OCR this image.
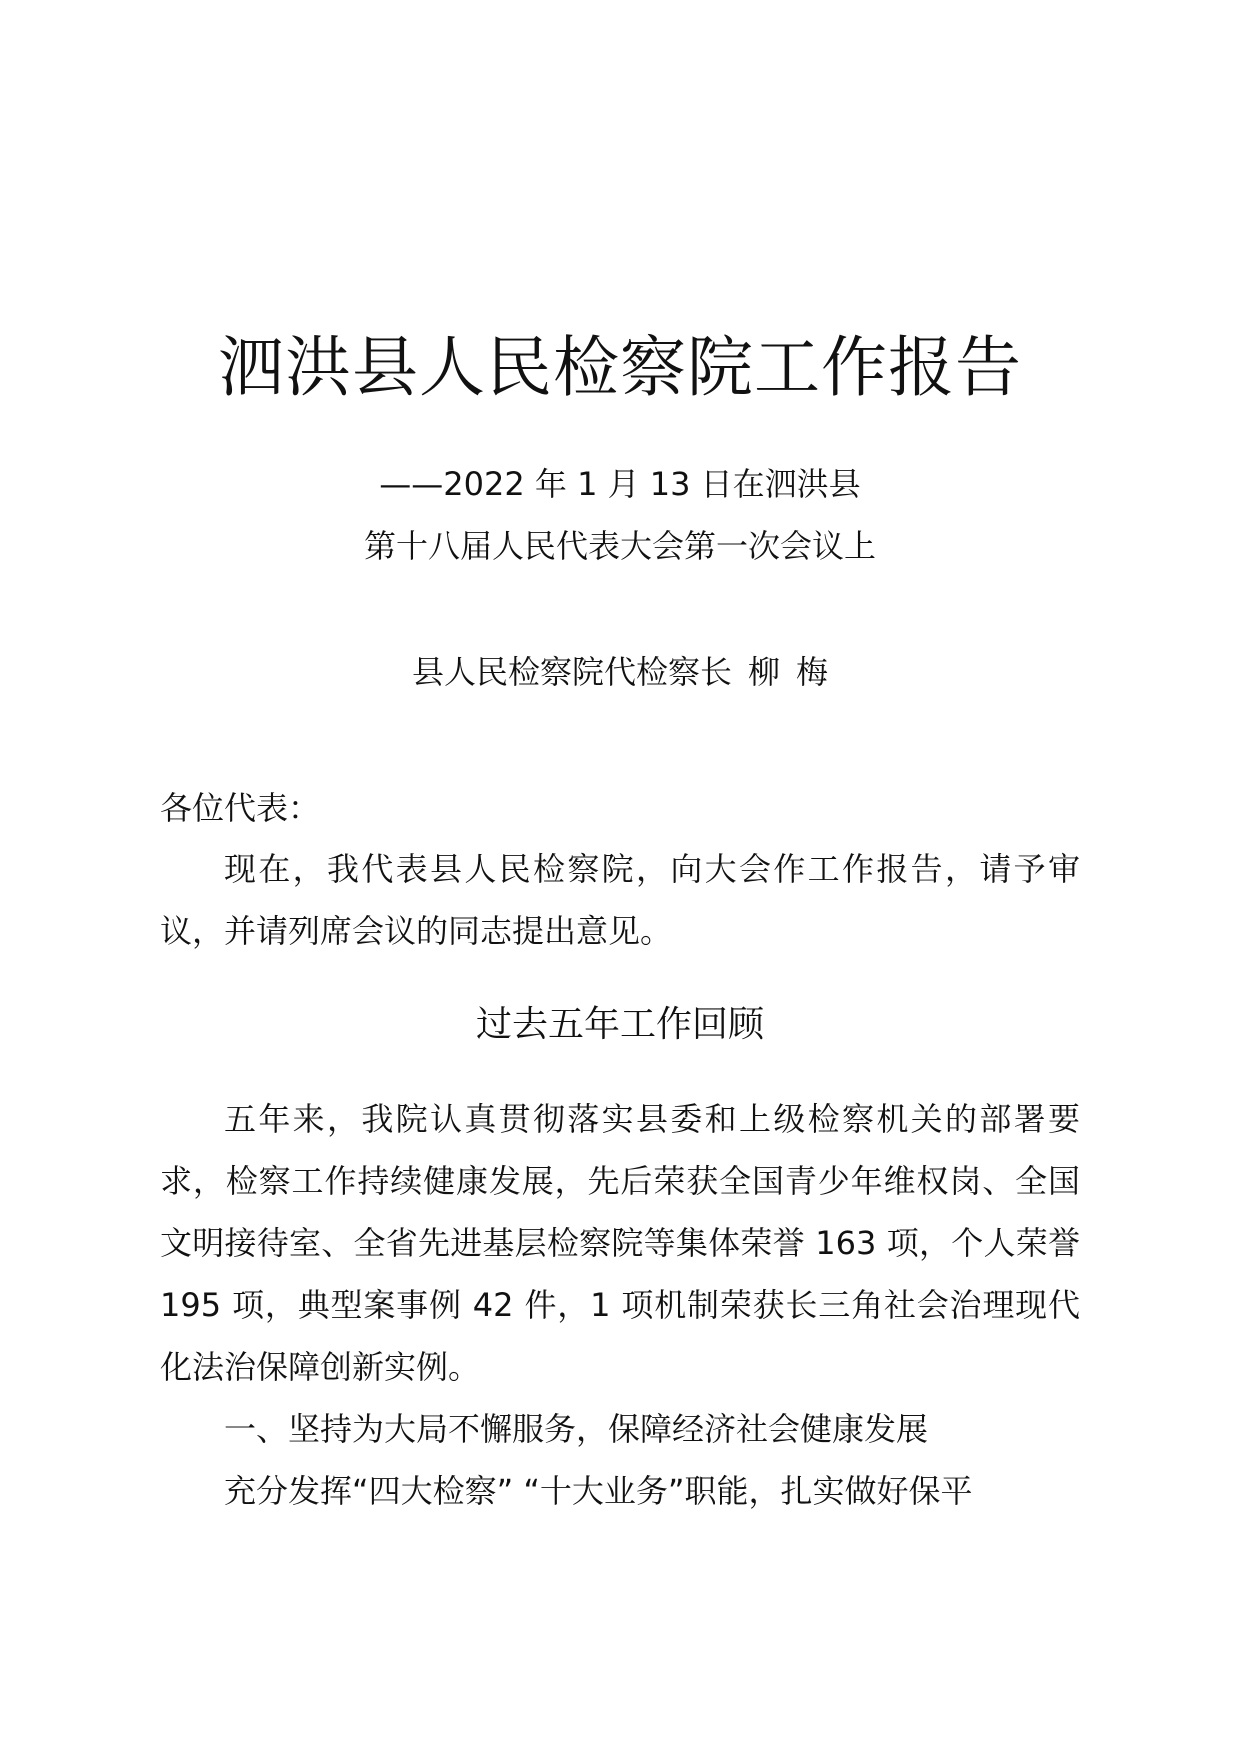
泗洪县人民检察院工作报告
——2022 年 1 月 13 日在泗洪县
第十八届人民代表大会第一次会议上
县人民检察院代检察长 柳 梅
各位代表：

现在，我代表县人民检察院，向大会作工作报告，请予审议，并请列席会议的同志提出意见。

过去五年工作回顾

五年来，我院认真贯彻落实县委和上级检察机关的部署要求，检察工作持续健康发展，先后荣获全国青少年维权岗、全国文明接待室、全省先进基层检察院等集体荣誉 163 项，个人荣誉 195 项，典型案事例 42 件，1 项机制荣获长三角社会治理现代化法治保障创新实例。

一、坚持为大局不懈服务，保障经济社会健康发展

充分发挥“四大检察” “十大业务”职能，扎实做好保平
